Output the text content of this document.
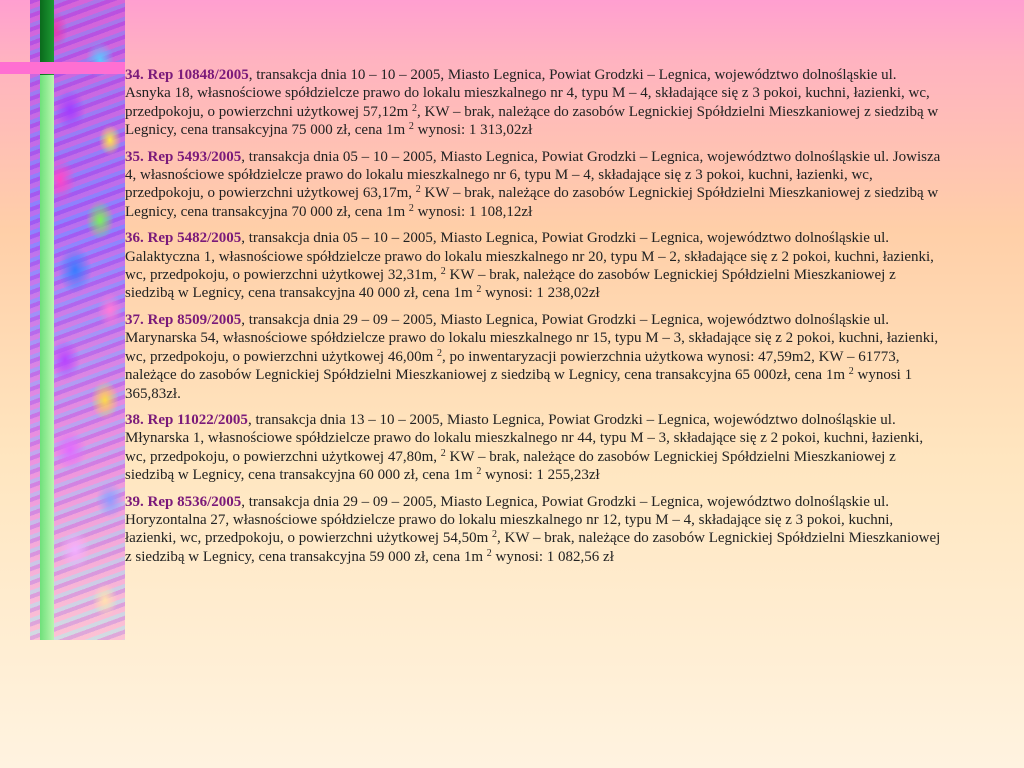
34. Rep 10848/2005, transakcja dnia 10 – 10 – 2005, Miasto Legnica, Powiat Grodzki – Legnica, województwo dolnośląskie ul. Asnyka 18, własnościowe spółdzielcze prawo do lokalu mieszkalnego nr 4, typu M – 4, składające się z 3 pokoi, kuchni, łazienki, wc, przedpokoju, o powierzchni użytkowej 57,12m $^2$, KW – brak, należące do zasobów Legnickiej Spółdzielni Mieszkaniowej z siedzibą w Legnicy, cena transakcyjna 75 000 zł, cena 1m $^2$ wynosi: 1 313,02zł

35. Rep 5493/2005, transakcja dnia 05 – 10 – 2005, Miasto Legnica, Powiat Grodzki – Legnica, województwo dolnośląskie ul. Jowisza 4, własnościowe spółdzielcze prawo do lokalu mieszkalnego nr 6, typu M – 4, składające się z 3 pokoi, kuchni, łazienki, wc, przedpokoju, o powierzchni użytkowej 63,17m, $^2$ KW – brak, należące do zasobów Legnickiej Spółdzielni Mieszkaniowej z siedzibą w Legnicy, cena transakcyjna 70 000 zł, cena 1m $^2$ wynosi: 1 108,12zł

36. Rep 5482/2005, transakcja dnia 05 – 10 – 2005, Miasto Legnica, Powiat Grodzki – Legnica, województwo dolnośląskie ul. Galaktyczna 1, własnościowe spółdzielcze prawo do lokalu mieszkalnego nr 20, typu M – 2, składające się z 2 pokoi, kuchni, łazienki, wc, przedpokoju, o powierzchni użytkowej 32,31m, $^2$ KW – brak, należące do zasobów Legnickiej Spółdzielni Mieszkaniowej z siedzibą w Legnicy, cena transakcyjna 40 000 zł, cena 1m $^2$ wynosi: 1 238,02zł

37. Rep 8509/2005, transakcja dnia 29 – 09 – 2005, Miasto Legnica, Powiat Grodzki – Legnica, województwo dolnośląskie ul. Marynarska 54, własnościowe spółdzielcze prawo do lokalu mieszkalnego nr 15, typu M – 3, składające się z 2 pokoi, kuchni, łazienki, wc, przedpokoju, o powierzchni użytkowej 46,00m $^2$, po inwentaryzacji powierzchnia użytkowa wynosi: 47,59m2, KW – 61773, należące do zasobów Legnickiej Spółdzielni Mieszkaniowej z siedzibą w Legnicy, cena transakcyjna 65 000zł, cena 1m $^2$ wynosi 1 365,83zł.

38. Rep 11022/2005, transakcja dnia 13 – 10 – 2005, Miasto Legnica, Powiat Grodzki – Legnica, województwo dolnośląskie ul. Młynarska 1, własnościowe spółdzielcze prawo do lokalu mieszkalnego nr 44, typu M – 3, składające się z 2 pokoi, kuchni, łazienki, wc, przedpokoju, o powierzchni użytkowej 47,80m, $^2$ KW – brak, należące do zasobów Legnickiej Spółdzielni Mieszkaniowej z siedzibą w Legnicy, cena transakcyjna 60 000 zł, cena 1m $^2$ wynosi: 1 255,23zł

39. Rep 8536/2005, transakcja dnia 29 – 09 – 2005, Miasto Legnica, Powiat Grodzki – Legnica, województwo dolnośląskie ul. Horyzontalna 27, własnościowe spółdzielcze prawo do lokalu mieszkalnego nr 12, typu M – 4, składające się z 3 pokoi, kuchni, łazienki, wc, przedpokoju, o powierzchni użytkowej 54,50m $^2$, KW – brak, należące do zasobów Legnickiej Spółdzielni Mieszkaniowej z siedzibą w Legnicy, cena transakcyjna 59 000 zł, cena 1m $^2$ wynosi: 1 082,56 zł
